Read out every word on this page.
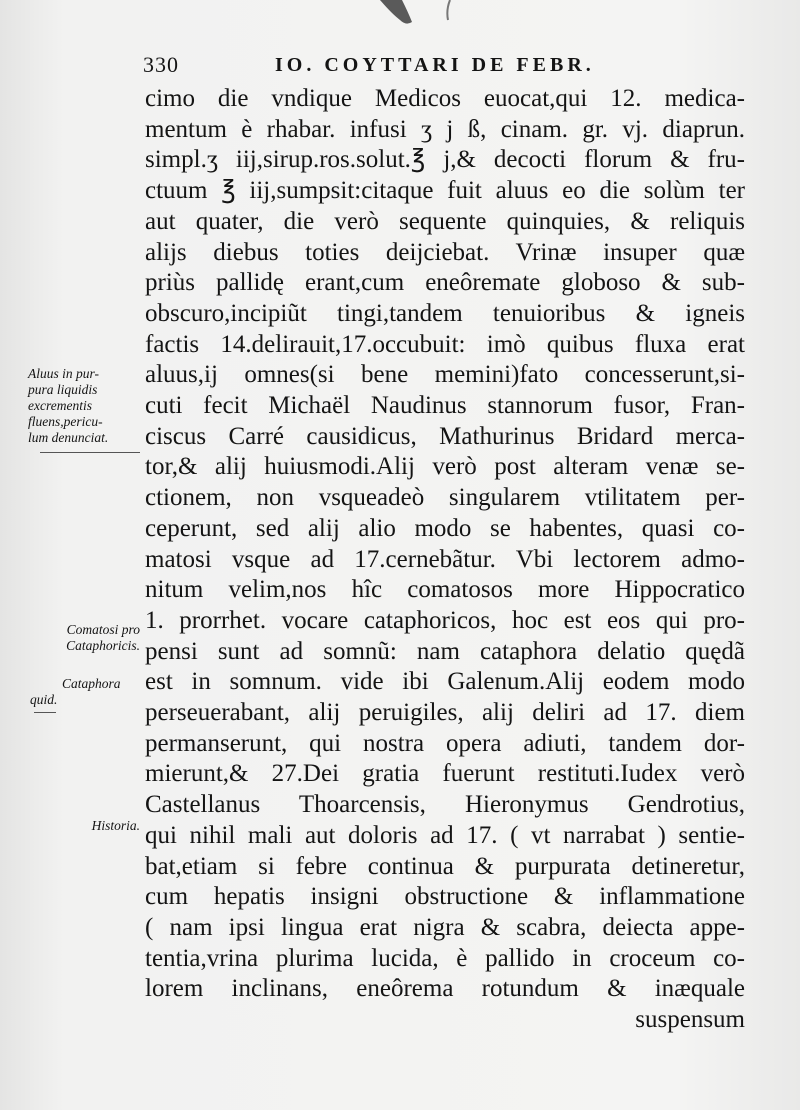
330	IO. COYTTARI DE FEBR.
cimo die vndique Medicos euocat,qui 12. medica-
mentum è rhabar. infusi ʒ j ß, cinam. gr. vj. diaprun.
simpl.ʒ iij,sirup.ros.solut.℥ j,& decocti florum & fru-
ctuum ℥ iij,sumpsit:citaque fuit aluus eo die solùm ter
aut quater, die verò sequente quinquies, & reliquis
alijs diebus toties deijciebat. Vrinæ insuper quæ
priùs pallidę erant,cum eneôremate globoso & sub-
obscuro,incipiũt tingi,tandem tenuioribus & igneis
factis 14.delirauit,17.occubuit: imò quibus fluxa erat
aluus,ij omnes(si bene memini)fato concesserunt,si-
cuti fecit Michaël Naudinus stannorum fusor, Fran-
ciscus Carré causidicus, Mathurinus Bridard merca-
tor,& alij huiusmodi.Alij verò post alteram venæ se-
ctionem, non vsqueadeò singularem vtilitatem per-
ceperunt, sed alij alio modo se habentes, quasi co-
matosi vsque ad 17.cernebãtur. Vbi lectorem admo-
nitum velim,nos hîc comatosos more Hippocratico
1. prorrhet. vocare cataphoricos, hoc est eos qui pro-
pensi sunt ad somnũ: nam cataphora delatio quędã
est in somnum. vide ibi Galenum.Alij eodem modo
perseuerabant, alij peruigiles, alij deliri ad 17. diem
permanserunt, qui nostra opera adiuti, tandem dor-
mierunt,& 27.Dei gratia fuerunt restituti.Iudex verò
Castellanus Thoarcensis, Hieronymus Gendrotius,
qui nihil mali aut doloris ad 17. ( vt narrabat ) sentie-
bat,etiam si febre continua & purpurata detineretur,
cum hepatis insigni obstructione & inflammatione
( nam ipsi lingua erat nigra & scabra, deiecta appe-
tentia,vrina plurima lucida, è pallido in croceum co-
lorem inclinans, eneôrema rotundum & inæquale
suspensum
Aluus in pur-
pura liquidis
excrementis
fluens,pericu-
lum denunciat.
Comatosi pro
Cataphoricis.
Cataphora
quid.
Historia.
